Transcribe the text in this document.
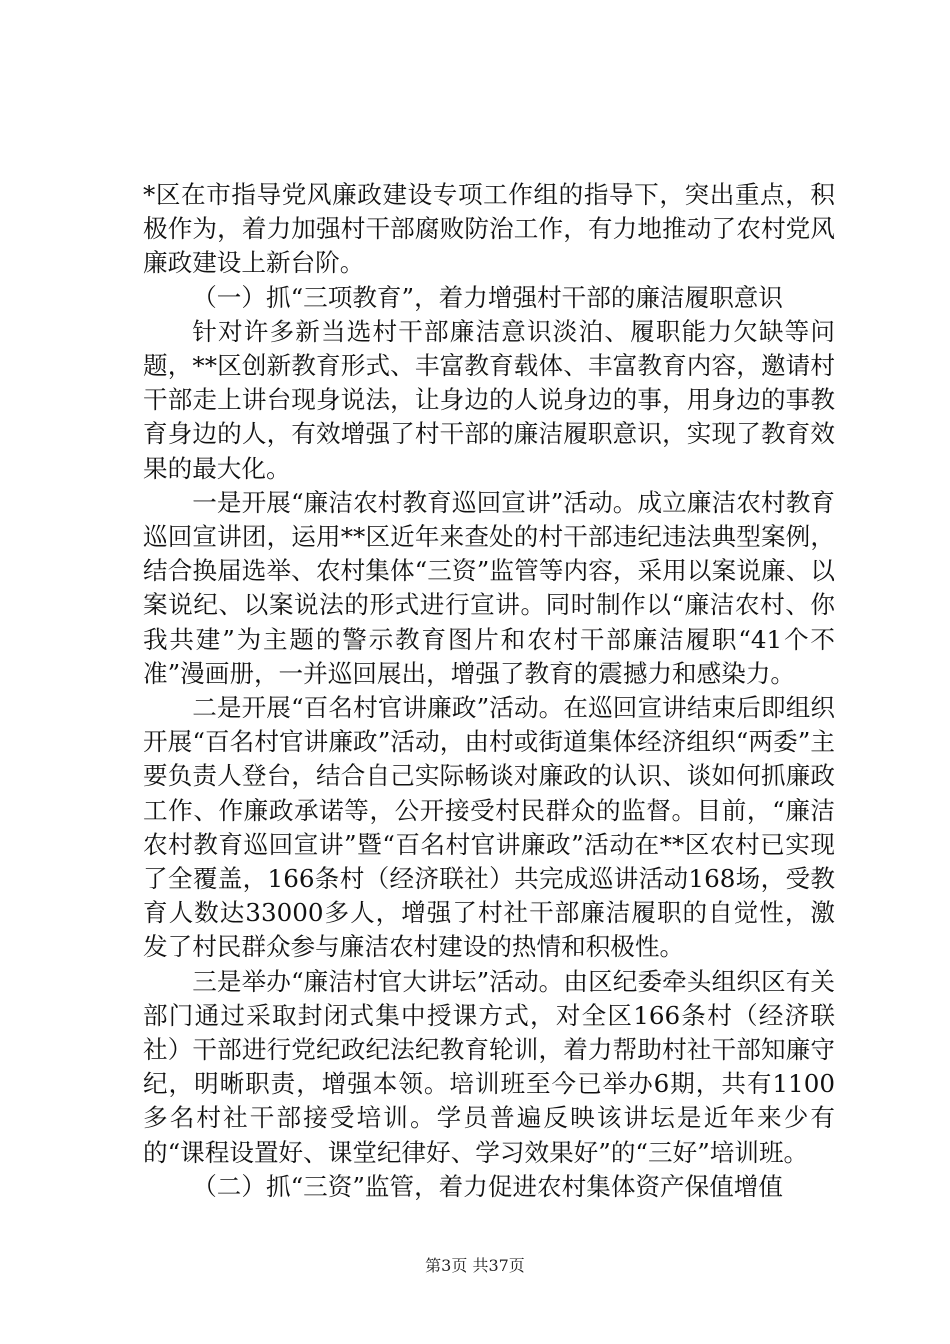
*区在市指导党风廉政建设专项工作组的指导下，突出重点，积极作为，着力加强村干部腐败防治工作，有力地推动了农村党风廉政建设上新台阶。

（一）抓“三项教育”，着力增强村干部的廉洁履职意识

针对许多新当选村干部廉洁意识淡泊、履职能力欠缺等问题，**区创新教育形式、丰富教育载体、丰富教育内容，邀请村干部走上讲台现身说法，让身边的人说身边的事，用身边的事教育身边的人，有效增强了村干部的廉洁履职意识，实现了教育效果的最大化。

一是开展“廉洁农村教育巡回宣讲”活动。成立廉洁农村教育巡回宣讲团，运用**区近年来查处的村干部违纪违法典型案例，结合换届选举、农村集体“三资”监管等内容，采用以案说廉、以案说纪、以案说法的形式进行宣讲。同时制作以“廉洁农村、你我共建”为主题的警示教育图片和农村干部廉洁履职“41个不准”漫画册，一并巡回展出，增强了教育的震撼力和感染力。

二是开展“百名村官讲廉政”活动。在巡回宣讲结束后即组织开展“百名村官讲廉政”活动，由村或街道集体经济组织“两委”主要负责人登台，结合自己实际畅谈对廉政的认识、谈如何抓廉政工作、作廉政承诺等，公开接受村民群众的监督。目前，“廉洁农村教育巡回宣讲”暨“百名村官讲廉政”活动在**区农村已实现了全覆盖，166条村（经济联社）共完成巡讲活动168场，受教育人数达33000多人，增强了村社干部廉洁履职的自觉性，激发了村民群众参与廉洁农村建设的热情和积极性。

三是举办“廉洁村官大讲坛”活动。由区纪委牵头组织区有关部门通过采取封闭式集中授课方式，对全区166条村（经济联社）干部进行党纪政纪法纪教育轮训，着力帮助村社干部知廉守纪，明晰职责，增强本领。培训班至今已举办6期，共有1100多名村社干部接受培训。学员普遍反映该讲坛是近年来少有的“课程设置好、课堂纪律好、学习效果好”的“三好”培训班。

（二）抓“三资”监管，着力促进农村集体资产保值增值

第3页 共37页
